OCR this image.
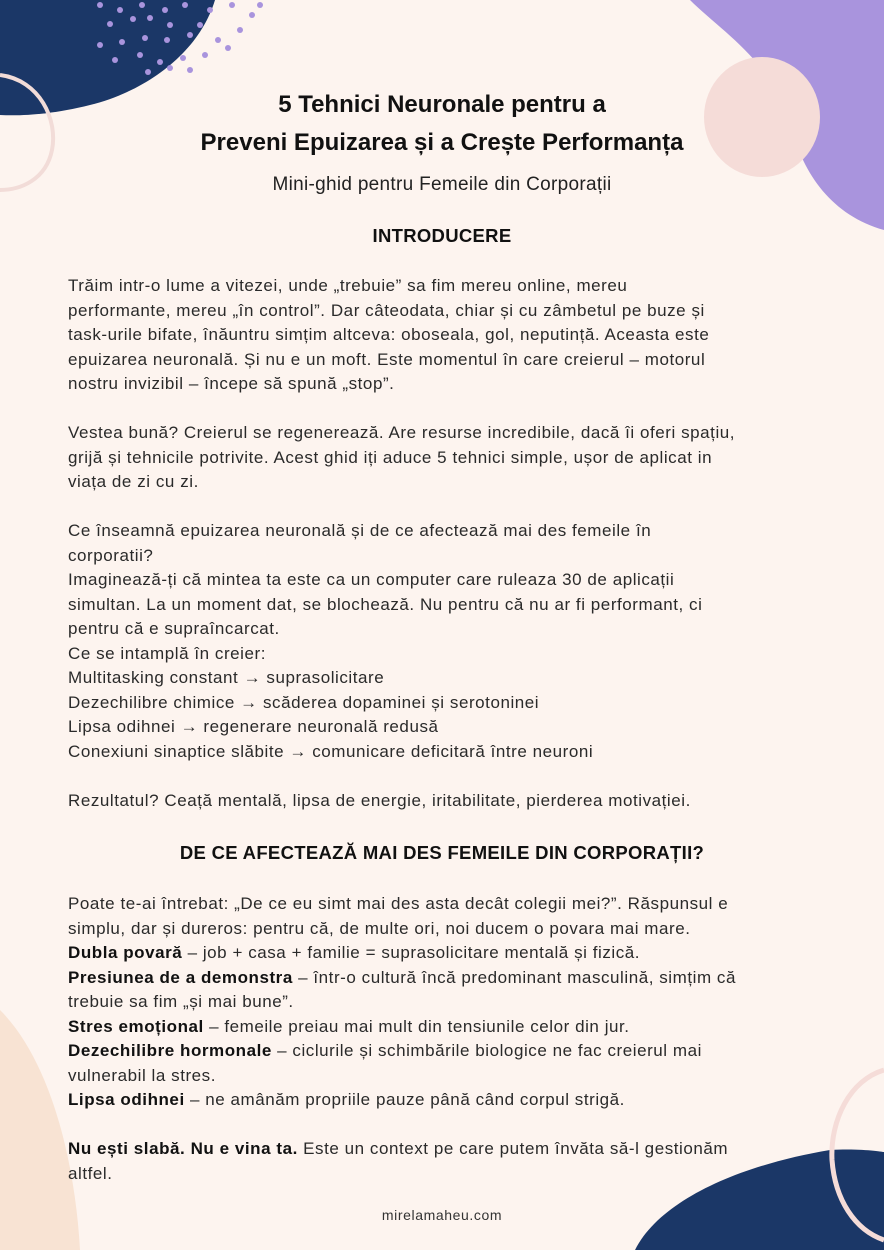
5 Tehnici Neuronale pentru a
Preveni Epuizarea și a Crește Performanța
Mini-ghid pentru Femeile din Corporații
INTRODUCERE
Trăim intr-o lume a vitezei, unde „trebuie” sa fim mereu online, mereu
performante, mereu „în control”. Dar câteodata, chiar și cu zâmbetul pe buze și
task-urile bifate, înăuntru simțim altceva: oboseala, gol, neputință. Aceasta este
epuizarea neuronală. Și nu e un moft. Este momentul în care creierul – motorul
nostru invizibil – începe să spună „stop”.
Vestea bună? Creierul se regenerează. Are resurse incredibile, dacă îi oferi spațiu,
grijă și tehnicile potrivite. Acest ghid iți aduce 5 tehnici simple, ușor de aplicat in
viața de zi cu zi.
Ce înseamnă epuizarea neuronală și de ce afectează mai des femeile în
corporatii?
Imaginează-ți că mintea ta este ca un computer care ruleaza 30 de aplicații
simultan. La un moment dat, se blochează. Nu pentru că nu ar fi performant, ci
pentru că e supraîncarcat.
Ce se intamplă în creier:
Multitasking constant → suprasolicitare
Dezechilibre chimice → scăderea dopaminei și serotoninei
Lipsa odihnei → regenerare neuronală redusă
Conexiuni sinaptice slăbite → comunicare deficitară între neuroni
Rezultatul? Ceață mentală, lipsa de energie, iritabilitate, pierderea motivației.
DE CE AFECTEAZĂ MAI DES FEMEILE DIN CORPORAȚII?
Poate te-ai întrebat: „De ce eu simt mai des asta decât colegii mei?”. Răspunsul e
simplu, dar și dureros: pentru că, de multe ori, noi ducem o povara mai mare.
Dubla povară – job + casa + familie = suprasolicitare mentală și fizică.
Presiunea de a demonstra – într-o cultură încă predominant masculină, simțim că
trebuie sa fim „și mai bune”.
Stres emoțional – femeile preiau mai mult din tensiunile celor din jur.
Dezechilibre hormonale – ciclurile și schimbările biologice ne fac creierul mai
vulnerabil la stres.
Lipsa odihnei – ne amânăm propriile pauze până când corpul strigă.
Nu ești slabă. Nu e vina ta. Este un context pe care putem învăta să-l gestionăm
altfel.
mirelamaheu.com
